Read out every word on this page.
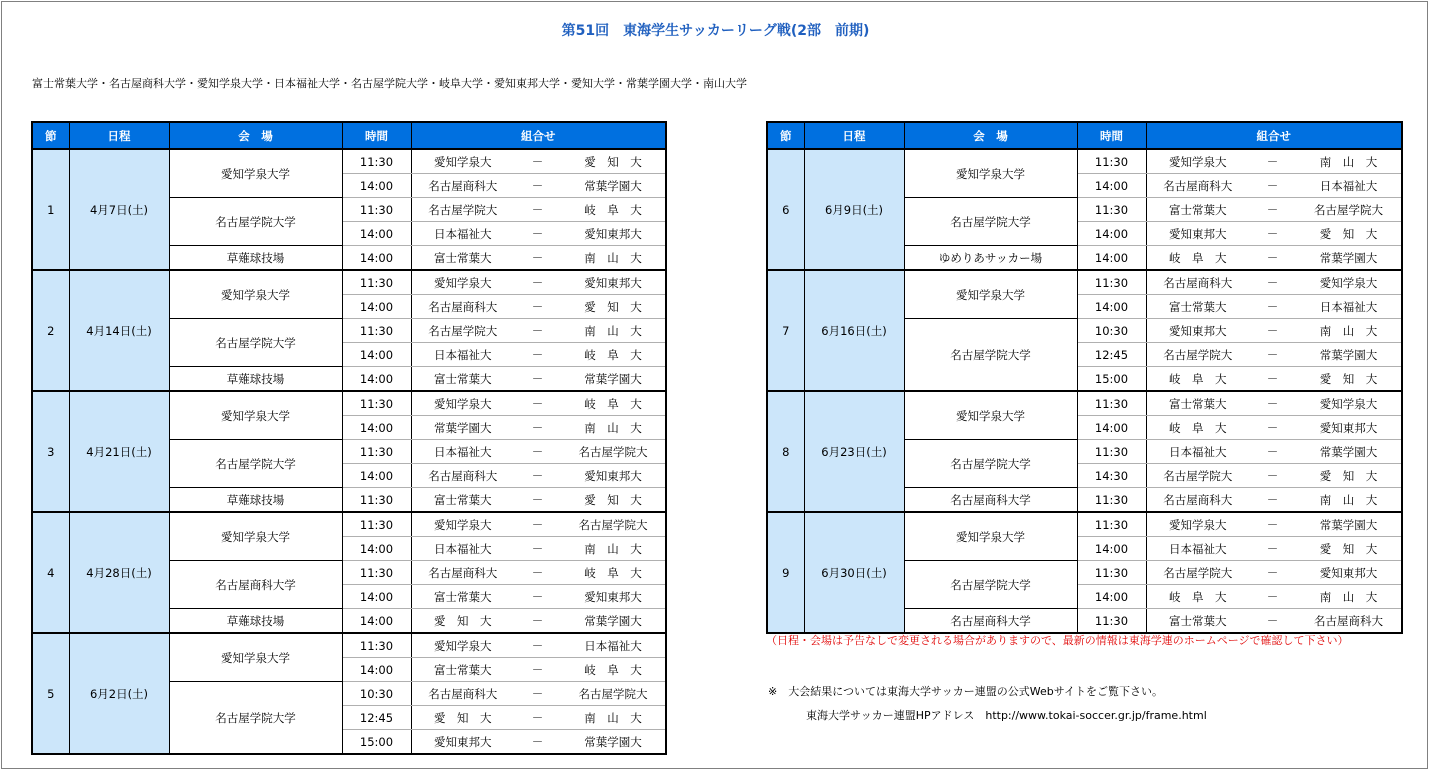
第51回　東海学生サッカーリーグ戦(2部　前期)
富士常葉大学・名古屋商科大学・愛知学泉大学・日本福祉大学・名古屋学院大学・岐阜大学・愛知東邦大学・愛知大学・常葉学園大学・南山大学
節	日程	会　場	時間	組合せ		
1	4月7日(土)	愛知学泉大学	11:30	愛知学泉大	－	愛　知　大
			14:00	名古屋商科大	－	常葉学園大
		名古屋学院大学	11:30	名古屋学院大	－	岐　阜　大
			14:00	日本福祉大	－	愛知東邦大
		草薙球技場	14:00	富士常葉大	－	南　山　大
2	4月14日(土)	愛知学泉大学	11:30	愛知学泉大	－	愛知東邦大
			14:00	名古屋商科大	－	愛　知　大
		名古屋学院大学	11:30	名古屋学院大	－	南　山　大
			14:00	日本福祉大	－	岐　阜　大
		草薙球技場	14:00	富士常葉大	－	常葉学園大
3	4月21日(土)	愛知学泉大学	11:30	愛知学泉大	－	岐　阜　大
			14:00	常葉学園大	－	南　山　大
		名古屋学院大学	11:30	日本福祉大	－	名古屋学院大
			14:00	名古屋商科大	－	愛知東邦大
		草薙球技場	11:30	富士常葉大	－	愛　知　大
4	4月28日(土)	愛知学泉大学	11:30	愛知学泉大	－	名古屋学院大
			14:00	日本福祉大	－	南　山　大
		名古屋商科大学	11:30	名古屋商科大	－	岐　阜　大
			14:00	富士常葉大	－	愛知東邦大
		草薙球技場	14:00	愛　知　大	－	常葉学園大
5	6月2日(土)	愛知学泉大学	11:30	愛知学泉大	－	日本福祉大
			14:00	富士常葉大	－	岐　阜　大
		名古屋学院大学	10:30	名古屋商科大	－	名古屋学院大
			12:45	愛　知　大	－	南　山　大
			15:00	愛知東邦大	－	常葉学園大
節	日程	会　場	時間	組合せ		
6	6月9日(土)	愛知学泉大学	11:30	愛知学泉大	－	南　山　大
			14:00	名古屋商科大	－	日本福祉大
		名古屋学院大学	11:30	富士常葉大	－	名古屋学院大
			14:00	愛知東邦大	－	愛　知　大
		ゆめりあサッカー場	14:00	岐　阜　大	－	常葉学園大
7	6月16日(土)	愛知学泉大学	11:30	名古屋商科大	－	愛知学泉大
			14:00	富士常葉大	－	日本福祉大
		名古屋学院大学	10:30	愛知東邦大	－	南　山　大
			12:45	名古屋学院大	－	常葉学園大
			15:00	岐　阜　大	－	愛　知　大
8	6月23日(土)	愛知学泉大学	11:30	富士常葉大	－	愛知学泉大
			14:00	岐　阜　大	－	愛知東邦大
		名古屋学院大学	11:30	日本福祉大	－	常葉学園大
			14:30	名古屋学院大	－	愛　知　大
		名古屋商科大学	11:30	名古屋商科大	－	南　山　大
9	6月30日(土)	愛知学泉大学	11:30	愛知学泉大	－	常葉学園大
			14:00	日本福祉大	－	愛　知　大
		名古屋学院大学	11:30	名古屋学院大	－	愛知東邦大
			14:00	岐　阜　大	－	南　山　大
		名古屋商科大学	11:30	富士常葉大	－	名古屋商科大
（日程・会場は予告なしで変更される場合がありますので、最新の情報は東海学連のホームページで確認して下さい）
※　大会結果については東海大学サッカー連盟の公式Webサイトをご覧下さい。
東海大学サッカー連盟HPアドレス　http://www.tokai-soccer.gr.jp/frame.html
